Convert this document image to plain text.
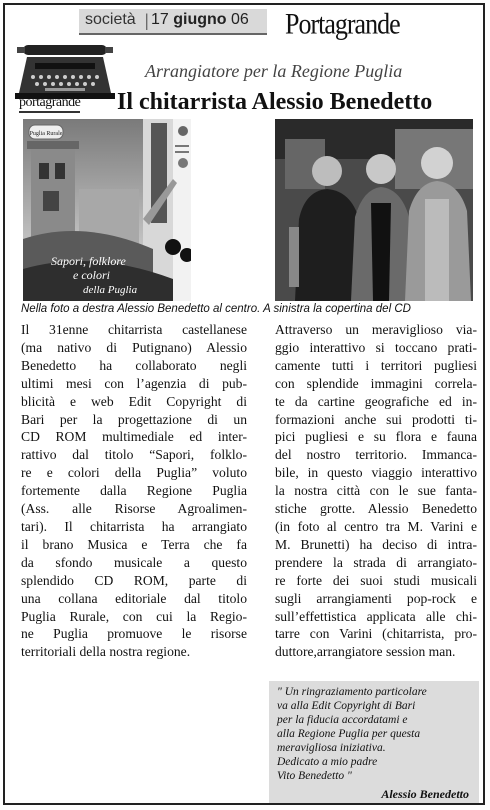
società | 17 giugno 06 Portagrande
portagrande
Arrangiatore per la Regione Puglia
Il chitarrista Alessio Benedetto
Puglia Rurale
Sapori, folklore
e colori
della Puglia
Nella foto a destra Alessio Benedetto al centro. A sinistra la copertina del CD

Il 31enne chitarrista castellanese

(ma nativo di Putignano) Alessio

Benedetto ha collaborato negli

ultimi mesi con l’agenzia di pub-

blicità e web Edit Copyright di

Bari per la progettazione di un

CD ROM multimediale ed inter-

rattivo dal titolo “Sapori, folklo-

re e colori della Puglia” voluto

fortemente dalla Regione Puglia

(Ass. alle Risorse Agroalimen-

tari). Il chitarrista ha arrangiato

il brano Musica e Terra che fa

da sfondo musicale a questo

splendido CD ROM, parte di

una collana editoriale dal titolo

Puglia Rurale, con cui la Regio-

ne Puglia promuove le risorse

territoriali della nostra regione.

Attraverso un meraviglioso via-

ggio interattivo si toccano prati-

camente tutti i territori pugliesi

con splendide immagini correla-

te da cartine geografiche ed in-

formazioni anche sui prodotti ti-

pici pugliesi e su flora e fauna

del nostro territorio. Immanca-

bile, in questo viaggio interattivo

la nostra città con le sue fanta-

stiche grotte. Alessio Benedetto

(in foto al centro tra M. Varini e

M. Brunetti) ha deciso di intra-

prendere la strada di arrangiato-

re forte dei suoi studi musicali

sugli arrangiamenti pop-rock e

sull’effettistica applicata alle chi-

tarre con Varini (chitarrista, pro-

duttore,arrangiatore session man.

" Un ringraziamento particolare
va alla Edit Copyright di Bari
per la fiducia accordatami e
alla Regione Puglia per questa
meravigliosa iniziativa.
Dedicato a mio padre
Vito Benedetto "
Alessio Benedetto
